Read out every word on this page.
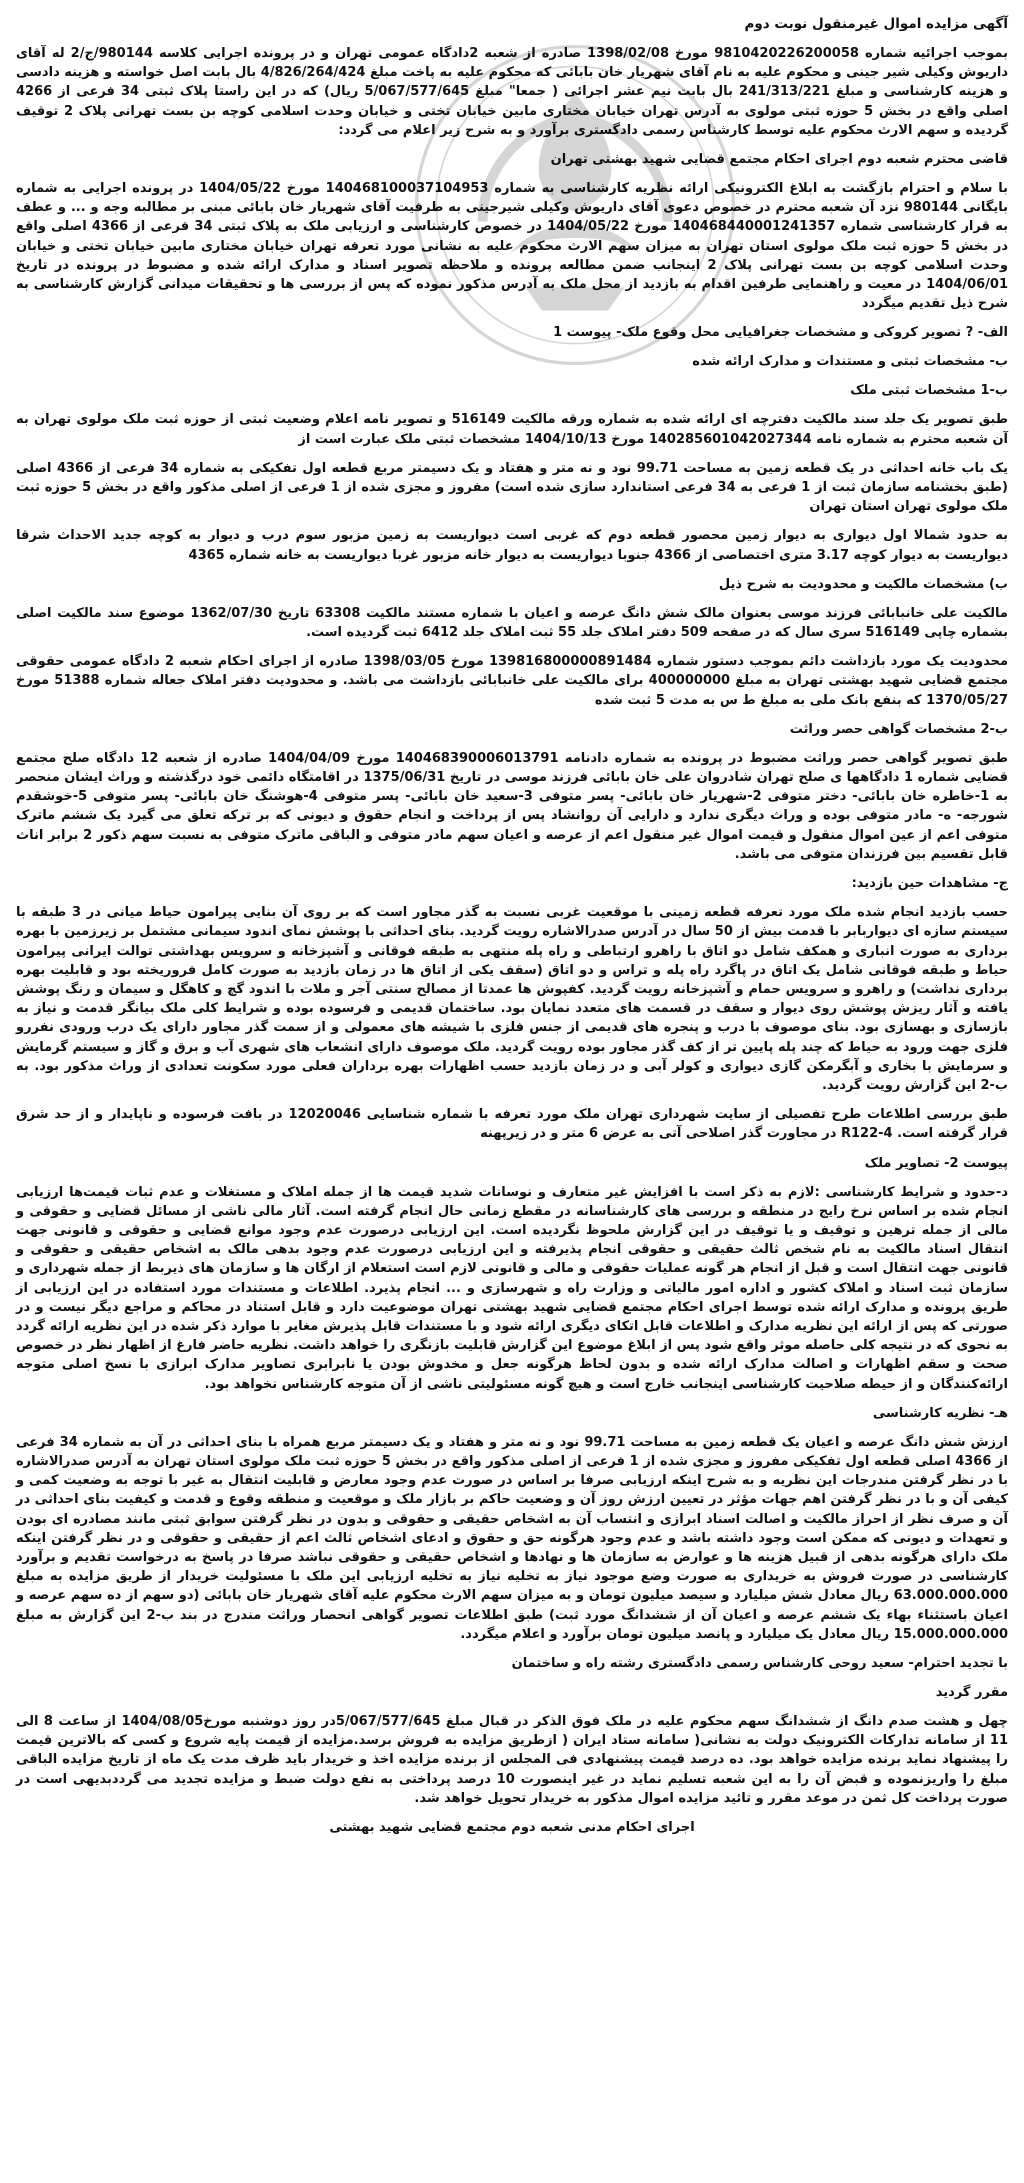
آگهی مزایده اموال غیرمنقول نوبت دوم
بموجب اجرائیه شماره 9810420226200058 مورخ 1398/02/08 صادره از شعبه 2دادگاه عمومی تهران و در پرونده اجرایی کلاسه 980144/ج/2 له آقای داریوش وکیلی شیر جینی و محکوم علیه به نام آقای شهریار خان بابائی که محکوم علیه به پاخت مبلغ 4/826/264/424 بال بابت اصل خواسته و هزینه دادسی و هزینه کارشناسی و مبلغ 241/313/221 بال بابت نیم عشر اجرائی ( جمعا" مبلغ 5/067/577/645 ریال) که در این راستا پلاک ثبتی 34 فرعی از 4266 اصلی واقع در بخش 5 حوزه ثبتی مولوی به آدرس تهران خیابان مختاری مابین خیابان تختی و خیابان وحدت اسلامی کوچه بن بست تهرانی پلاک 2 توقیف گردیده و سهم الارث محکوم علیه توسط کارشناس رسمی دادگستری برآورد و به شرح زیر اعلام می گردد:
قاضی محترم شعبه دوم اجرای احکام مجتمع قضایی شهید بهشتی تهران
با سلام و احترام بازگشت به ابلاغ الکترونیکی ارائه نظریه کارشناسی به شماره 140468100037104953 مورخ 1404/05/22 در پرونده اجرایی به شماره بایگانی 980144 نزد آن شعبه محترم در خصوص دعوی آقای داریوش وکیلی شیرجینی به طرفیت آقای شهریار خان بابائی مبنی بر مطالبه وجه و ... و عطف به قرار کارشناسی شماره 140468440001241357 مورخ 1404/05/22 در خصوص کارشناسی و ارزیابی ملک به پلاک ثبتی 34 فرعی از 4366 اصلی واقع در بخش 5 حوزه ثبت ملک مولوی استان تهران به میزان سهم الارث محکوم علیه به نشانی مورد تعرفه تهران خیابان مختاری مابین خیابان تختی و خیابان وحدت اسلامی کوچه بن بست تهرانی پلاک 2 اینجانب ضمن مطالعه پرونده و ملاحظه تصویر اسناد و مدارک ارائه شده و مضبوط در پرونده در تاریخ 1404/06/01 در معیت و راهنمایی طرفین اقدام به بازدید از محل ملک به آدرس مذکور نموده که پس از بررسی ها و تحقیقات میدانی گزارش کارشناسی به شرح ذیل تقدیم میگردد
الف- ? تصویر کروکی و مشخصات جغرافیایی محل وقوع ملک- پیوست 1
ب- مشخصات ثبتی و مستندات و مدارک ارائه شده
ب-1 مشخصات ثبتی ملک
طبق تصویر یک جلد سند مالکیت دفترچه ای ارائه شده به شماره ورقه مالکیت 516149 و تصویر نامه اعلام وضعیت ثبتی از حوزه ثبت ملک مولوی تهران به آن شعبه محترم به شماره نامه 140285601042027344 مورخ 1404/10/13 مشخصات ثبتی ملک عبارت است از
یک باب خانه احداثی در یک قطعه زمین به مساحت 99.71 نود و نه متر و هفتاد و یک دسیمتر مربع قطعه اول تفکیکی به شماره 34 فرعی از 4366 اصلی (طبق بخشنامه سازمان ثبت از 1 فرعی به 34 فرعی استاندارد سازی شده است) مفروز و مجزی شده از 1 فرعی از اصلی مذکور واقع در بخش 5 حوزه ثبت ملک مولوی تهران استان تهران
به حدود شمالا اول دیواری به دیوار زمین محصور قطعه دوم که غربی است دیواریست به زمین مزبور سوم درب و دیوار به کوچه جدید الاحداث شرقا دیواریست به دیوار کوچه 3.17 متری اختصاصی از 4366 جنوبا دیواریست به دیوار خانه مزبور غربا دیواریست به خانه شماره 4365
ب) مشخصات مالکیت و محدودیت به شرح ذیل
مالکیت علی خانبابائی فرزند موسی بعنوان مالک شش دانگ عرصه و اعیان با شماره مستند مالکیت 63308 تاریخ 1362/07/30 موضوع سند مالکیت اصلی بشماره چاپی 516149 سری سال که در صفحه 509 دفتر املاک جلد 55 ثبت املاک جلد 6412 ثبت گردیده است.
محدودیت یک مورد بازداشت دائم بموجب دستور شماره 139816800000891484 مورخ 1398/03/05 صادره از اجرای احکام شعبه 2 دادگاه عمومی حقوقی مجتمع قضایی شهید بهشتی تهران به مبلغ 400000000 برای مالکیت علی خانبابائی بازداشت می باشد. و محدودیت دفتر املاک جعاله شماره 51388 مورخ 1370/05/27 که بنفع بانک ملی به مبلغ ط س به مدت 5 ثبت شده
ب-2 مشخصات گواهی حصر وراثت
طبق تصویر گواهی حصر وراثت مضبوط در پرونده به شماره دادنامه 140468390006013791 مورخ 1404/04/09 صادره از شعبه 12 دادگاه صلح مجتمع قضایی شماره 1 دادگاهها ی صلح تهران شادروان علی خان بابائی فرزند موسی در تاریخ 1375/06/31 در اقامتگاه دائمی خود درگذشته و وراث ایشان منحصر به 1-خاطره خان بابائی- دختر متوفی 2-شهریار خان بابائی- پسر متوفی 3-سعید خان بابائی- پسر متوفی 4-هوشنگ خان بابائی- پسر متوفی 5-خوشقدم شورجه- ه- مادر متوفی بوده و وراث دیگری ندارد و دارایی آن روانشاد پس از پرداخت و انجام حقوق و دیونی که بر ترکه تعلق می گیرد یک ششم ماترک متوفی اعم از عین اموال منقول و قیمت اموال غیر منقول اعم از عرصه و اعیان سهم مادر متوفی و الباقی ماترک متوفی به نسبت سهم ذکور 2 برابر اناث قابل تقسیم بین فرزندان متوفی می باشد.
ج- مشاهدات حین بازدید:
حسب بازدید انجام شده ملک مورد تعرفه قطعه زمینی با موقعیت غربی نسبت به گذر مجاور است که بر روی آن بنایی پیرامون حیاط میانی در 3 طبقه با سیستم سازه ای دیواربابر با قدمت بیش از 50 سال در آدرس صدرالاشاره رویت گردید. بنای احداثی با پوشش نمای اندود سیمانی مشتمل بر زیرزمین با بهره برداری به صورت انباری و همکف شامل دو اتاق با راهرو ارتباطی و راه پله منتهی به طبقه فوقانی و آشپزخانه و سرویس بهداشتی توالت ایرانی پیرامون حیاط و طبقه فوقانی شامل یک اتاق در پاگرد راه پله و تراس و دو اتاق (سقف یکی از اتاق ها در زمان بازدید به صورت کامل فروریخته بود و قابلیت بهره برداری نداشت) و راهرو و سرویس حمام و آشپزخانه رویت گردید. کفپوش ها عمدتا از مصالح سنتی آجر و ملات با اندود گچ و کاهگل و سیمان و رنگ پوشش یافته و آثار ریزش پوشش روی دیوار و سقف در قسمت های متعدد نمایان بود. ساختمان قدیمی و فرسوده بوده و شرایط کلی ملک بیانگر قدمت و نیاز به بازسازی و بهسازی بود. بنای موصوف با درب و پنجره های قدیمی از جنس فلزی با شیشه های معمولی و از سمت گذر مجاور دارای یک درب ورودی نفررو فلزی جهت ورود به حیاط که چند پله پایین تر از کف گذر مجاور بوده رویت گردید. ملک موصوف دارای انشعاب های شهری آب و برق و گاز و سیستم گرمایش و سرمایش با بخاری و آبگرمکن گازی دیواری و کولر آبی و در زمان بازدید حسب اظهارات بهره برداران فعلی مورد سکونت تعدادی از وراث مذکور بود. به ب-2 این گزارش رویت گردید.
طبق بررسی اطلاعات طرح تفصیلی از سایت شهرداری تهران ملک مورد تعرفه با شماره شناسایی 12020046 در بافت فرسوده و ناپایدار و از حد شرق قرار گرفته است. R122-4 در مجاورت گذر اصلاحی آتی به عرض 6 متر و در زیرپهنه
پیوست 2- تصاویر ملک
د-حدود و شرایط کارشناسی :لازم به ذکر است با افزایش غیر متعارف و نوسانات شدید قیمت ها از جمله املاک و مستغلات و عدم ثبات قیمت‌ها ارزیابی انجام شده بر اساس نرخ رایج در منطقه و بررسی های کارشناسانه در مقطع زمانی حال انجام گرفته است. آثار مالی ناشی از مسائل قضایی و حقوقی و مالی از جمله ترهین و توقیف و یا توقیف در این گزارش ملحوظ نگردیده است. این ارزیابی درصورت عدم وجود موانع قضایی و حقوقی و قانونی جهت انتقال اسناد مالکیت به نام شخص ثالث حقیقی و حقوقی انجام پذیرفته و این ارزیابی درصورت عدم وجود بدهی مالک به اشخاص حقیقی و حقوقی و قانونی جهت انتقال است و قبل از انجام هر گونه عملیات حقوقی و مالی و قانونی لازم است استعلام از ارگان ها و سازمان های ذیربط از جمله شهرداری و سازمان ثبت اسناد و املاک کشور و اداره امور مالیاتی و وزارت راه و شهرسازی و ... انجام پذیرد. اطلاعات و مستندات مورد استفاده در این ارزیابی از طریق پرونده و مدارک ارائه شده توسط اجرای احکام مجتمع قضایی شهید بهشتی تهران موضوعیت دارد و قابل استناد در محاکم و مراجع دیگر نیست و در صورتی که پس از ارائه این نظریه مدارک و اطلاعات قابل اتکای دیگری ارائه شود و با مستندات قابل پذیرش مغایر با موارد ذکر شده در این نظریه ارائه گردد به نحوی که در نتیجه کلی حاصله موثر واقع شود پس از ابلاغ موضوع این گزارش قابلیت بازنگری را خواهد داشت. نظریه حاضر فارغ از اظهار نظر در خصوص صحت و سقم اظهارات و اصالت مدارک ارائه شده و بدون لحاظ هرگونه جعل و مخدوش بودن یا نابرابری تصاویر مدارک ابرازی با نسخ اصلی متوجه ارائه‌کنندگان و از حیطه صلاحیت کارشناسی اینجانب خارج است و هیچ گونه مسئولیتی ناشی از آن متوجه کارشناس نخواهد بود.
هـ- نظریه کارشناسی
ارزش شش دانگ عرصه و اعیان یک قطعه زمین به مساحت 99.71 نود و نه متر و هفتاد و یک دسیمتر مربع همراه با بنای احداثی در آن به شماره 34 فرعی از 4366 اصلی قطعه اول تفکیکی مفروز و مجزی شده از 1 فرعی از اصلی مذکور واقع در بخش 5 حوزه ثبت ملک مولوی استان تهران به آدرس صدرالاشاره با در نظر گرفتن مندرجات این نظریه و به شرح اینکه ارزیابی صرفا بر اساس در صورت عدم وجود معارض و قابلیت انتقال به غیر با توجه به وضعیت کمی و کیفی آن و با در نظر گرفتن اهم جهات مؤثر در تعیین ارزش روز آن و وضعیت حاکم بر بازار ملک و موقعیت و منطقه وقوع و قدمت و کیفیت بنای احداثی در آن و صرف نظر از احراز مالکیت و اصالت اسناد ابرازی و انتساب آن به اشخاص حقیقی و حقوقی و بدون در نظر گرفتن سوابق ثبتی مانند مصادره ای بودن و تعهدات و دیونی که ممکن است وجود داشته باشد و عدم وجود هرگونه حق و حقوق و ادعای اشخاص ثالث اعم از حقیقی و حقوقی و در نظر گرفتن اینکه ملک دارای هرگونه بدهی از قبیل هزینه ها و عوارض به سازمان ها و نهادها و اشخاص حقیقی و حقوقی نباشد صرفا در پاسخ به درخواست تقدیم و برآورد کارشناسی در صورت فروش به خریداری به صورت وضع موجود نیاز به تخلیه نیاز به تخلیه ارزیابی این ملک با مسئولیت خریدار از طریق مزایده به مبلغ 63.000.000.000 ریال معادل شش میلیارد و سیصد میلیون تومان و به میزان سهم الارث محکوم علیه آقای شهریار خان بابائی (دو سهم از ده سهم عرصه و اعیان باستثناء بهاء یک ششم عرصه و اعیان آن از ششدانگ مورد ثبت) طبق اطلاعات تصویر گواهی انحصار وراثت مندرج در بند ب-2 این گزارش به مبلغ 15.000.000.000 ریال معادل یک میلیارد و پانصد میلیون تومان برآورد و اعلام میگردد.
با تجدید احترام- سعید روحی کارشناس رسمی دادگستری رشته راه و ساختمان
مقرر گردید
چهل و هشت صدم دانگ از ششدانگ سهم محکوم علیه در ملک فوق الذکر در قبال مبلغ 5/067/577/645در روز دوشنبه مورخ1404/08/05 از ساعت 8 الی 11 از سامانه تدارکات الکترونیک دولت به نشانی( سامانه ستاد ایران ( ازطریق مزایده به فروش برسد.مزایده از قیمت پایه شروع و کسی که بالاترین قیمت را پیشنهاد نماید برنده مزایده خواهد بود. ده درصد قیمت پیشنهادی فی المجلس از برنده مزایده اخذ و خریدار باید ظرف مدت یک ماه از تاریخ مزایده الباقی مبلغ را واریزنموده و قبض آن را به این شعبه تسلیم نماید در غیر اینصورت 10 درصد پرداختی به نفع دولت ضبط و مزایده تجدید می گرددبدیهی است در صورت پرداخت کل ثمن در موعد مقرر و تائید مزایده اموال مذکور به خریدار تحویل خواهد شد.
اجرای احکام مدنی شعبه دوم مجتمع قضایی شهید بهشتی
